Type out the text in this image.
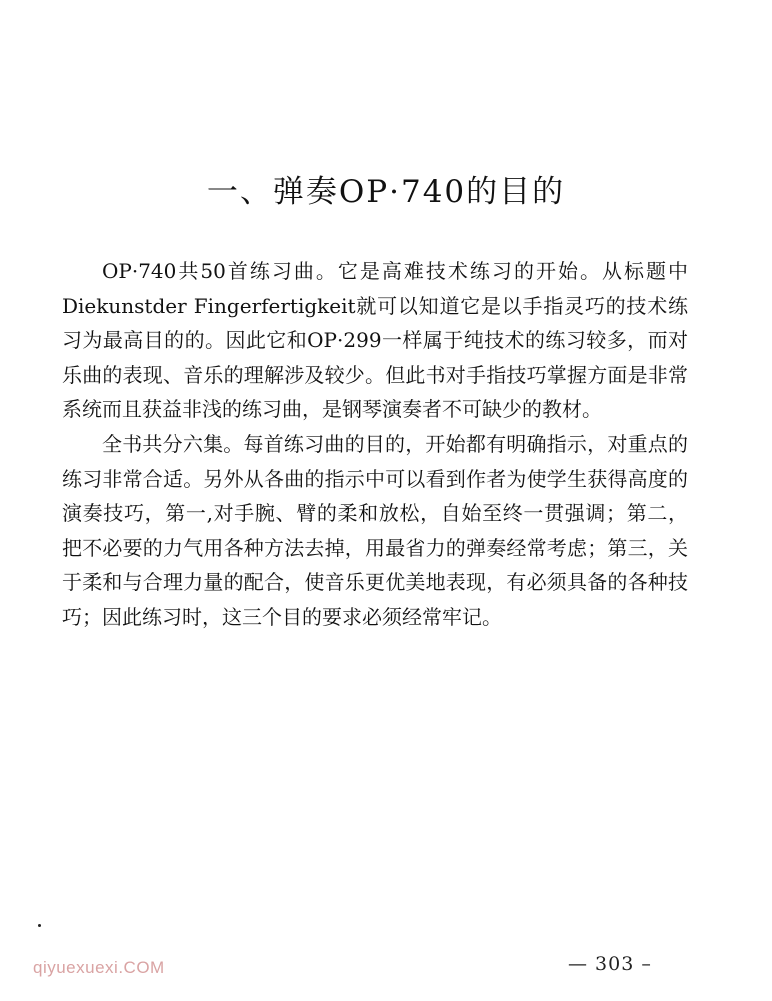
一、弹奏OP·740的目的

OP·740共50首练习曲。它是高难技术练习的开始。从标题中Diekunstder Fingerfertigkeit就可以知道它是以手指灵巧的技术练习为最高目的的。因此它和OP·299一样属于纯技术的练习较多，而对乐曲的表现、音乐的理解涉及较少。但此书对手指技巧掌握方面是非常系统而且获益非浅的练习曲，是钢琴演奏者不可缺少的教材。

全书共分六集。每首练习曲的目的，开始都有明确指示，对重点的练习非常合适。另外从各曲的指示中可以看到作者为使学生获得高度的演奏技巧，第一,对手腕、臂的柔和放松，自始至终一贯强调；第二，把不必要的力气用各种方法去掉，用最省力的弹奏经常考虑；第三，关于柔和与合理力量的配合，使音乐更优美地表现，有必须具备的各种技巧；因此练习时，这三个目的要求必须经常牢记。

qiyuexuexi.COM	— 303 –
